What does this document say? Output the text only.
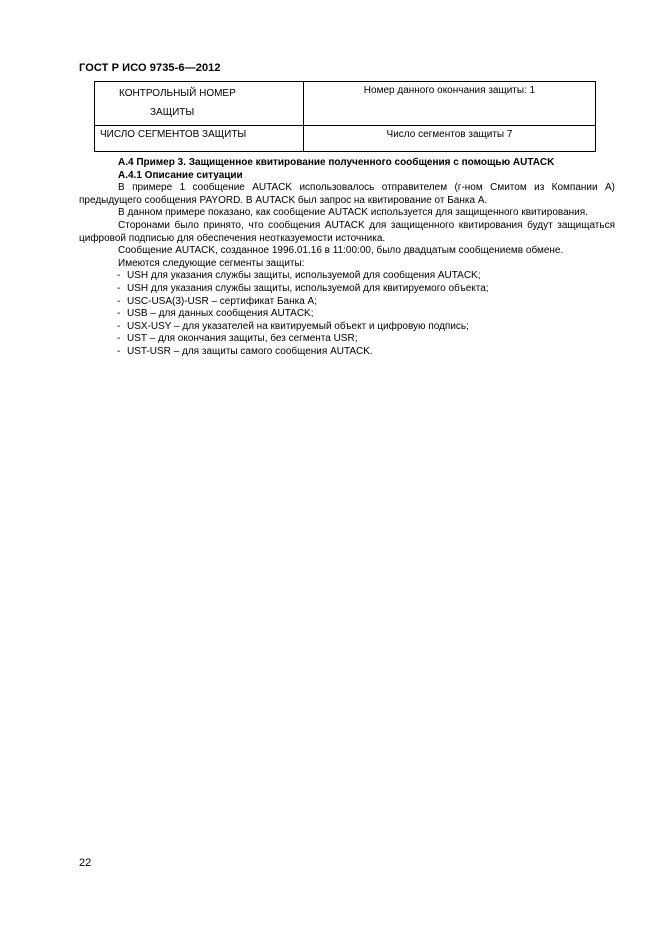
ГОСТ Р ИСО 9735-6—2012
КОНТРОЛЬНЫЙ НОМЕР
ЗАЩИТЫ	Номер данного окончания защиты: 1
ЧИСЛО СЕГМЕНТОВ ЗАЩИТЫ	Число сегментов защиты 7
А.4 Пример 3. Защищенное квитирование полученного сообщения с помощью AUTACK
А.4.1 Описание ситуации

В примере 1 сообщение AUTACK использовалось отправителем (г-ном Смитом из Компании А) предыдущего сообщения PAYORD. В AUTACK был запрос на квитирование от Банка А.

В данном примере показано, как сообщение AUTACK используется для защищенного квитирования.

Сторонами было принято, что сообщения AUTACK для защищенного квитирования будут защищаться цифровой подписью для обеспечения неотказуемости источника.

Сообщение AUTACK, созданное 1996.01.16 в 11:00:00, было двадцатым сообщениемв обмене.

Имеются следующие сегменты защиты:
- USH для указания службы защиты, используемой для сообщения AUTACK;
- USH для указания службы защиты, используемой для квитируемого объекта;
- USC-USA(3)-USR – сертификат Банка А;
- USB – для данных сообщения AUTACK;
- USX-USY – для указателей на квитируемый объект и цифровую подпись;
- UST – для окончания защиты, без сегмента USR;
- UST-USR – для защиты самого сообщения AUTACK.
22
